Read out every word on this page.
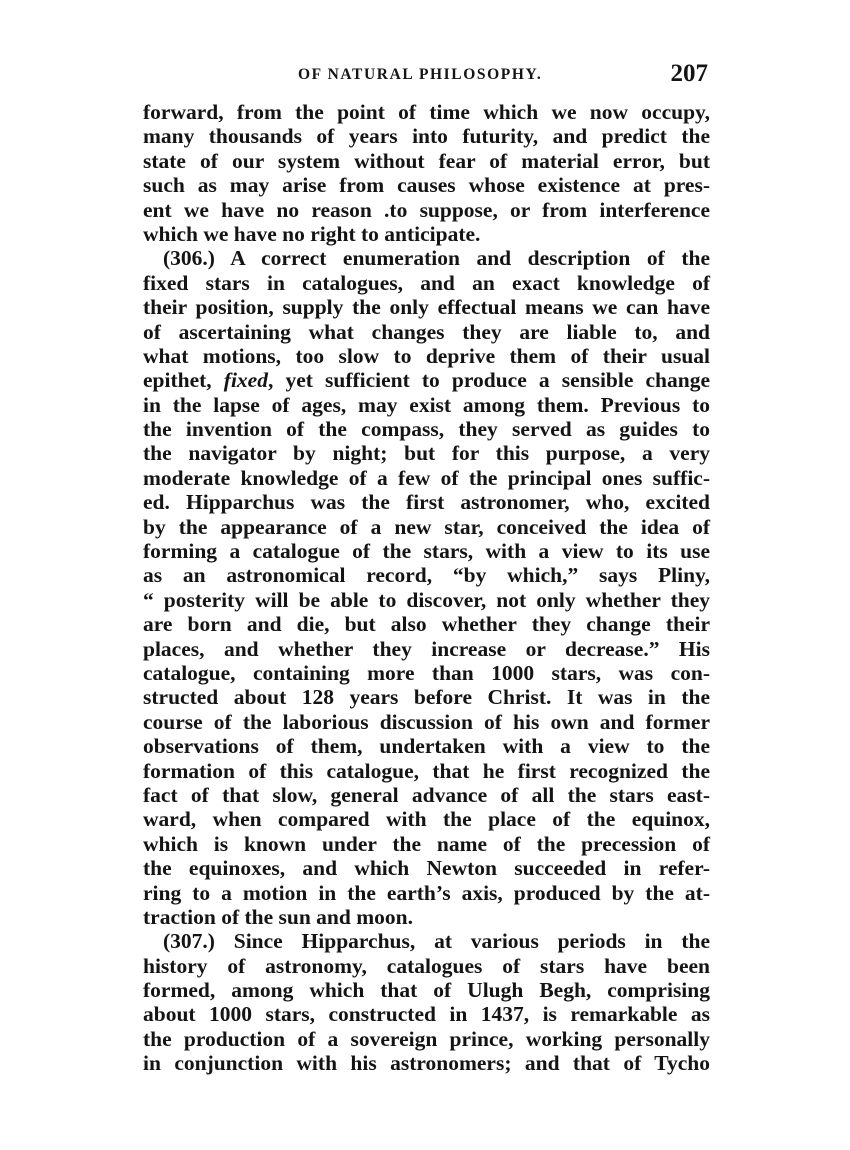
OF NATURAL PHILOSOPHY.	207
forward, from the point of time which we now occupy,
many thousands of years into futurity, and predict the
state of our system without fear of material error, but
such as may arise from causes whose existence at pres-
ent we have no reason .to suppose, or from interference
which we have no right to anticipate.
(306.) A correct enumeration and description of the
fixed stars in catalogues, and an exact knowledge of
their position, supply the only effectual means we can have
of ascertaining what changes they are liable to, and
what motions, too slow to deprive them of their usual
epithet, fixed, yet sufficient to produce a sensible change
in the lapse of ages, may exist among them. Previous to
the invention of the compass, they served as guides to
the navigator by night; but for this purpose, a very
moderate knowledge of a few of the principal ones suffic-
ed. Hipparchus was the first astronomer, who, excited
by the appearance of a new star, conceived the idea of
forming a catalogue of the stars, with a view to its use
as an astronomical record, “by which,” says Pliny,
“ posterity will be able to discover, not only whether they
are born and die, but also whether they change their
places, and whether they increase or decrease.” His
catalogue, containing more than 1000 stars, was con-
structed about 128 years before Christ. It was in the
course of the laborious discussion of his own and former
observations of them, undertaken with a view to the
formation of this catalogue, that he first recognized the
fact of that slow, general advance of all the stars east-
ward, when compared with the place of the equinox,
which is known under the name of the precession of
the equinoxes, and which Newton succeeded in refer-
ring to a motion in the earth’s axis, produced by the at-
traction of the sun and moon.
(307.) Since Hipparchus, at various periods in the
history of astronomy, catalogues of stars have been
formed, among which that of Ulugh Begh, comprising
about 1000 stars, constructed in 1437, is remarkable as
the production of a sovereign prince, working personally
in conjunction with his astronomers; and that of Tycho
